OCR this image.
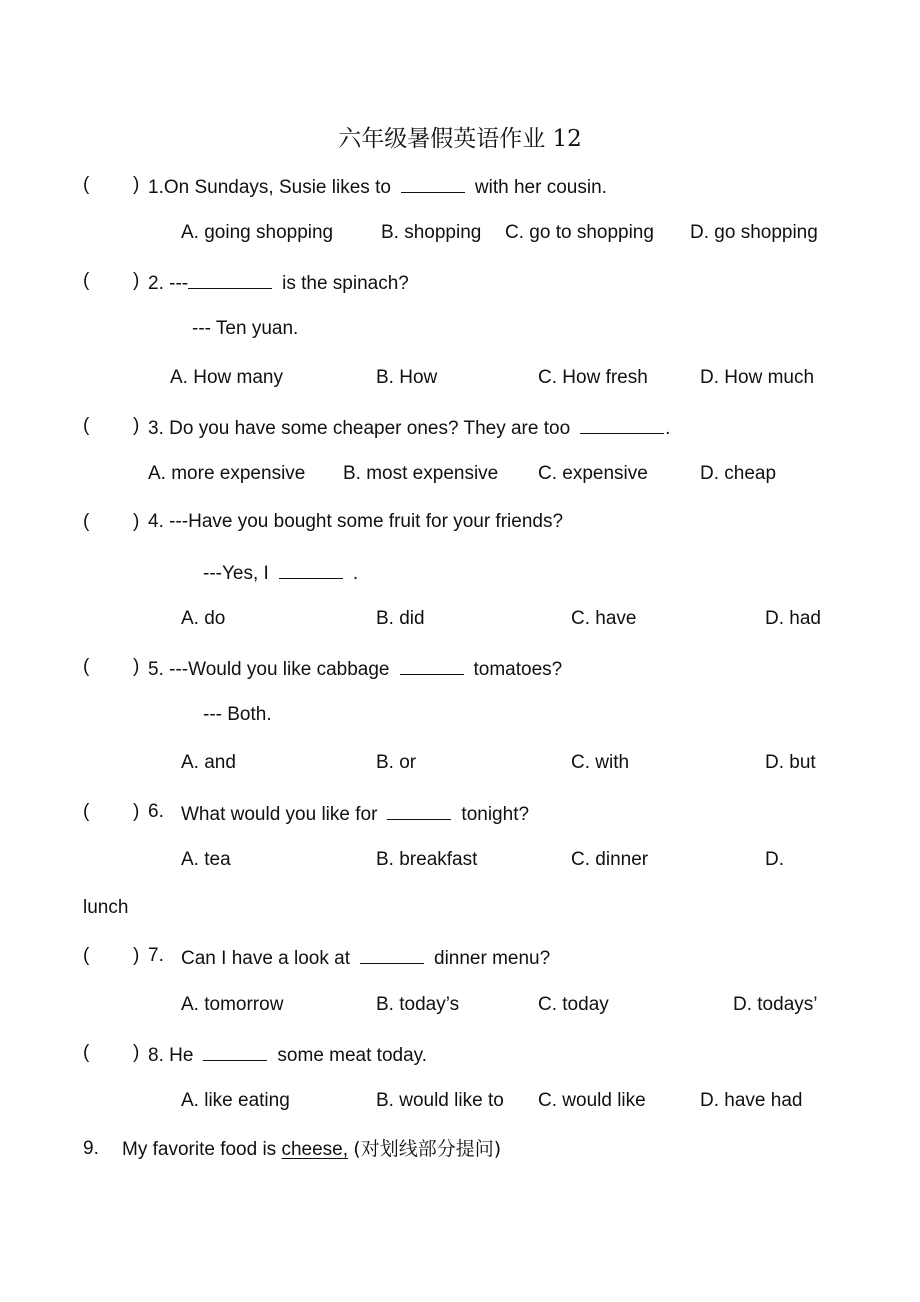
六年级暑假英语作业 12
( ) 1.On Sundays, Susie likes to	with her cousin.
A. going shopping	B. shopping C. go to shopping D. go shopping
( ) 2. ---	is the spinach?
--- Ten yuan.
A. How many	B. How	C. How fresh	D. How much
( ) 3. Do you have some cheaper ones? They are too	.
A. more expensive B. most expensive C. expensive	D. cheap
( ) 4. ---Have you bought some fruit for your friends?
---Yes, I	.
A. do	B. did	C. have	D. had
( ) 5. ---Would you like cabbage	tomatoes?
--- Both.
A. and	B. or	C. with	D. but
( ) 6. What would you like for	tonight?
A. tea	B. breakfast	C. dinner	D.
lunch
( ) 7. Can I have a look at	dinner menu?
A. tomorrow	B. today’s	C. today	D. todays’
( ) 8. He	some meat today.
A. like eating	B. would like to C. would like	D. have had
9. My favorite food is cheese, (对划线部分提问)
